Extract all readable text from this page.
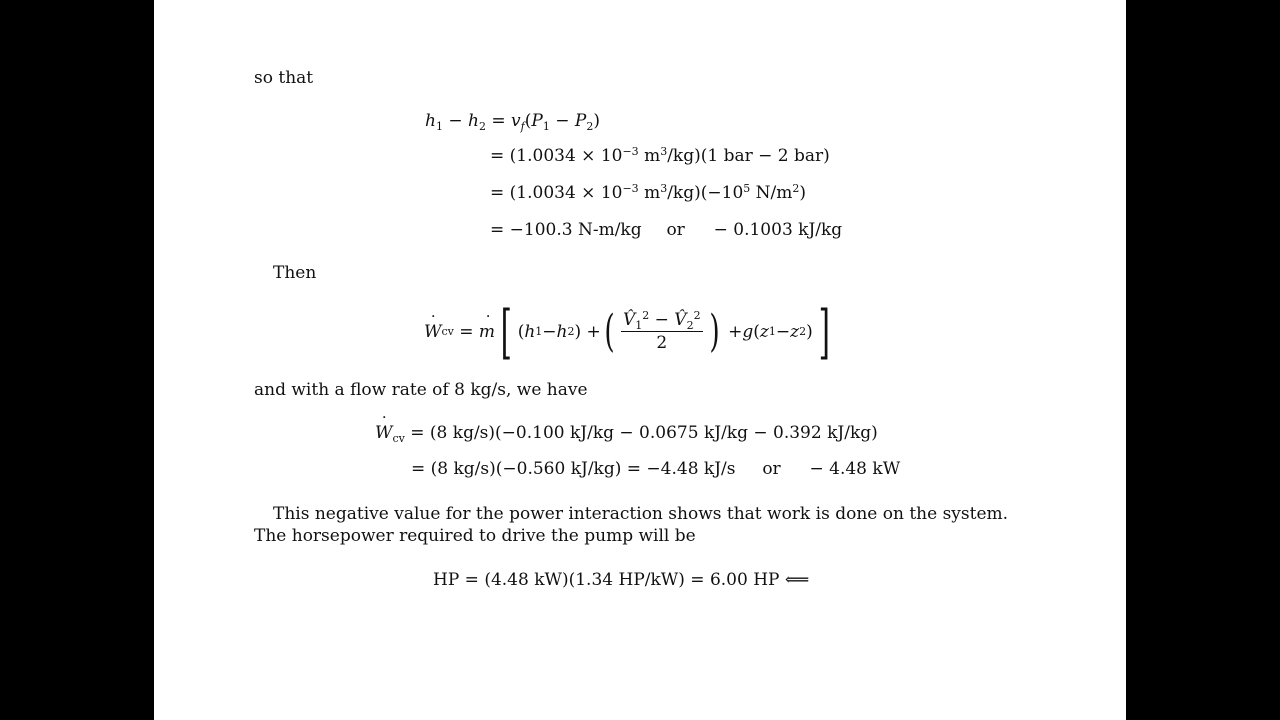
so that
$h_1 - h_2 = v_f(P_1 - P_2)$
= ($1.0034 \times 10^{-3}$ $m^3/kg)(1$ bar − 2 bar)
= ($1.0034 \times 10^{-3}$ $m^3/kg)(-10^5$ $N/m^2$)
= −100.3 N-m/kg or − 0.1003 kJ/kg
Then
˙ W cv =
˙ m [ ( h 1 − h 2 ) + ( $\frac{V̂_1^2 - V̂_2^2}{2}$ ) + g ( z 1 − z 2 ) ]
and with a flow rate of 8 kg/s, we have
˙ $W_{cv} = (8$ kg/s)(−0.100 kJ/kg − 0.0675 kJ/kg − 0.392 kJ/kg)
= (8 kg/s)(−0.560 kJ/kg) = −4.48 kJ/s or − 4.48 kW
This negative value for the power interaction shows that work is done on the system.
The horsepower required to drive the pump will be
HP = (4.48 kW)(1.34 HP/kW) = 6.00 HP ⟸
